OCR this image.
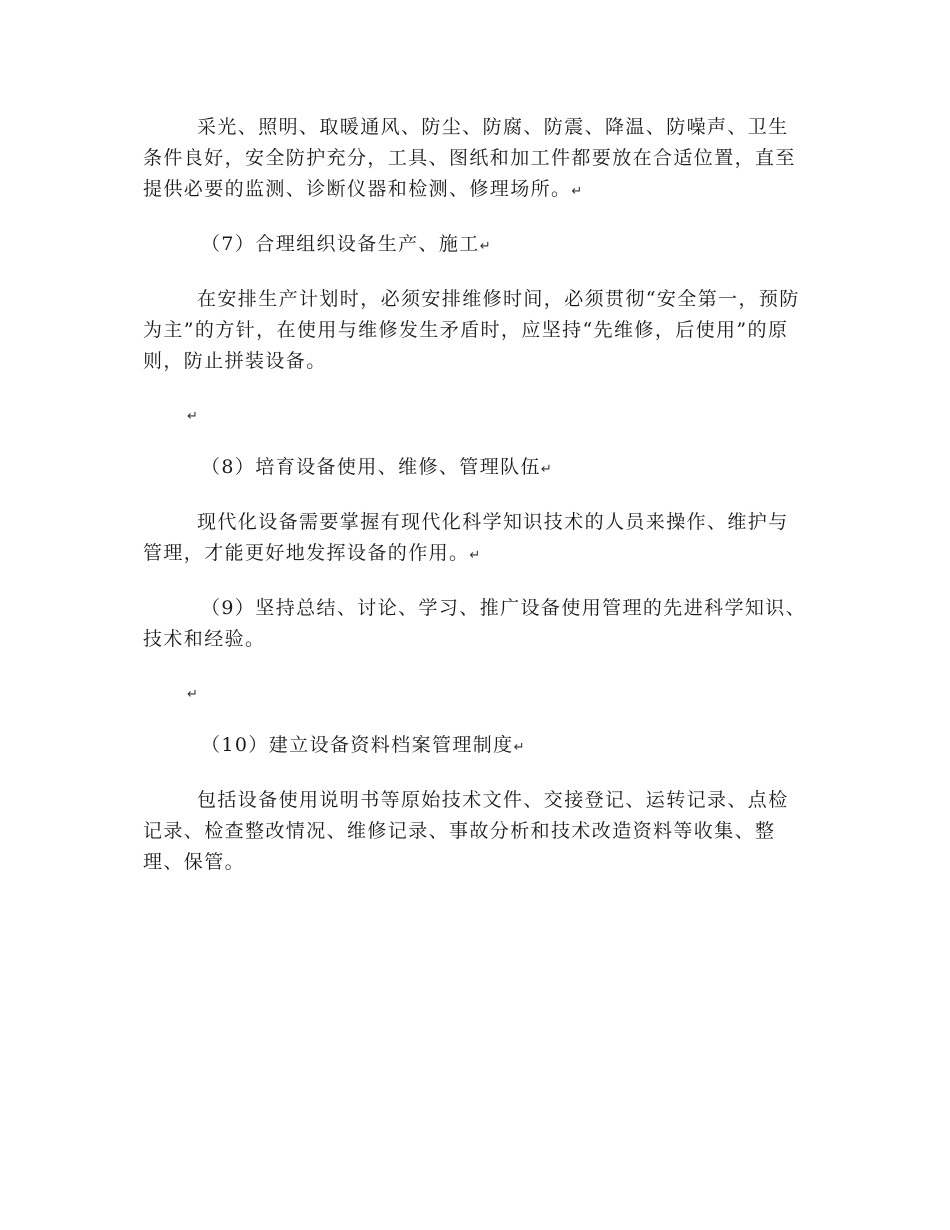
采光、照明、取暖通风、防尘、防腐、防震、降温、防噪声、卫生条件良好，安全防护充分，工具、图纸和加工件都要放在合适位置，直至提供必要的监测、诊断仪器和检测、修理场所。↵

（7）合理组织设备生产、施工↵

在安排生产计划时，必须安排维修时间，必须贯彻“安全第一，预防为主”的方针，在使用与维修发生矛盾时，应坚持“先维修，后使用”的原则，防止拼装设备。

↵

（8）培育设备使用、维修、管理队伍↵

现代化设备需要掌握有现代化科学知识技术的人员来操作、维护与管理，才能更好地发挥设备的作用。↵

（9）坚持总结、讨论、学习、推广设备使用管理的先进科学知识、技术和经验。

↵

（10）建立设备资料档案管理制度↵

包括设备使用说明书等原始技术文件、交接登记、运转记录、点检记录、检查整改情况、维修记录、事故分析和技术改造资料等收集、整理、保管。
